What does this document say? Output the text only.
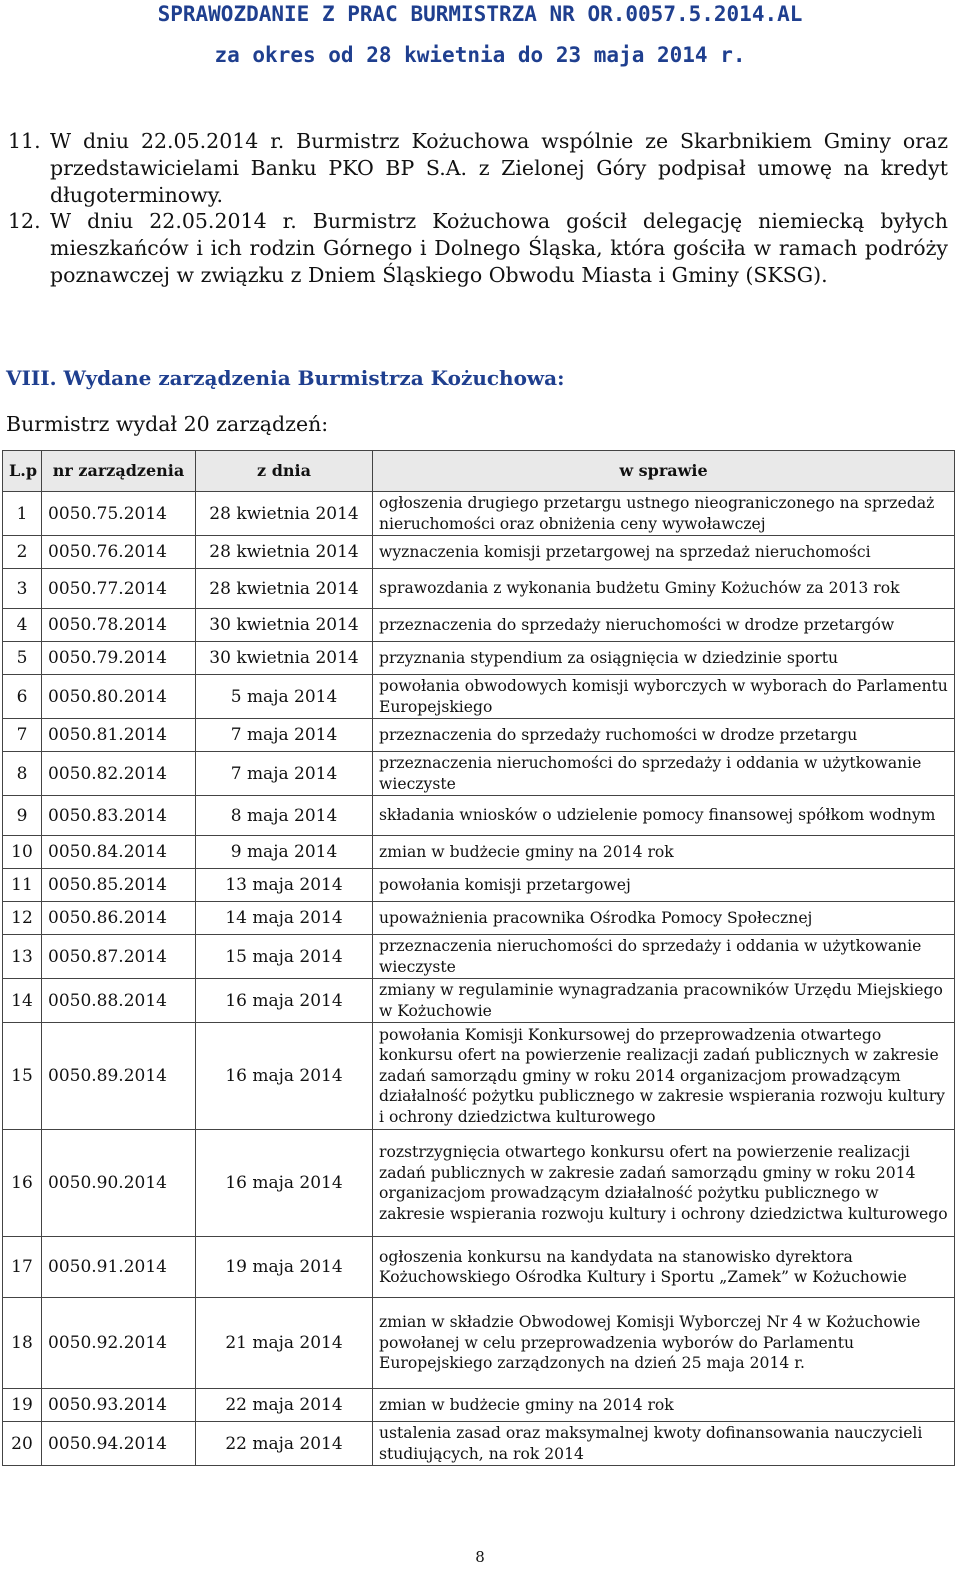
SPRAWOZDANIE Z PRAC BURMISTRZA NR OR.0057.5.2014.AL
za okres od 28 kwietnia do 23 maja 2014 r.
11. W dniu 22.05.2014 r. Burmistrz Kożuchowa wspólnie ze Skarbnikiem Gminy oraz przedstawicielami Banku PKO BP S.A. z Zielonej Góry podpisał umowę na kredyt długoterminowy.
12. W dniu 22.05.2014 r. Burmistrz Kożuchowa gościł delegację niemiecką byłych mieszkańców i ich rodzin Górnego i Dolnego Śląska, która gościła w ramach podróży poznawczej w związku z Dniem Śląskiego Obwodu Miasta i Gminy (SKSG).
VIII. Wydane zarządzenia Burmistrza Kożuchowa:
Burmistrz wydał 20 zarządzeń:
L.p	nr zarządzenia	z dnia	w sprawie
1	0050.75.2014	28 kwietnia 2014	ogłoszenia drugiego przetargu ustnego nieograniczonego na sprzedaż nieruchomości oraz obniżenia ceny wywoławczej
2	0050.76.2014	28 kwietnia 2014	wyznaczenia komisji przetargowej na sprzedaż nieruchomości
3	0050.77.2014	28 kwietnia 2014	sprawozdania z wykonania budżetu Gminy Kożuchów za 2013 rok
4	0050.78.2014	30 kwietnia 2014	przeznaczenia do sprzedaży nieruchomości w drodze przetargów
5	0050.79.2014	30 kwietnia 2014	przyznania stypendium za osiągnięcia w dziedzinie sportu
6	0050.80.2014	5 maja 2014	powołania obwodowych komisji wyborczych w wyborach do Parlamentu Europejskiego
7	0050.81.2014	7 maja 2014	przeznaczenia do sprzedaży ruchomości w drodze przetargu
8	0050.82.2014	7 maja 2014	przeznaczenia nieruchomości do sprzedaży i oddania w użytkowanie wieczyste
9	0050.83.2014	8 maja 2014	składania wniosków o udzielenie pomocy finansowej spółkom wodnym
10	0050.84.2014	9 maja 2014	zmian w budżecie gminy na 2014 rok
11	0050.85.2014	13 maja 2014	powołania komisji przetargowej
12	0050.86.2014	14 maja 2014	upoważnienia pracownika Ośrodka Pomocy Społecznej
13	0050.87.2014	15 maja 2014	przeznaczenia nieruchomości do sprzedaży i oddania w użytkowanie wieczyste
14	0050.88.2014	16 maja 2014	zmiany w regulaminie wynagradzania pracowników Urzędu Miejskiego w Kożuchowie
15	0050.89.2014	16 maja 2014	powołania Komisji Konkursowej do przeprowadzenia otwartego konkursu ofert na powierzenie realizacji zadań publicznych w zakresie zadań samorządu gminy w roku 2014 organizacjom prowadzącym działalność pożytku publicznego w zakresie wspierania rozwoju kultury i ochrony dziedzictwa kulturowego
16	0050.90.2014	16 maja 2014	rozstrzygnięcia otwartego konkursu ofert na powierzenie realizacji zadań publicznych w zakresie zadań samorządu gminy w roku 2014 organizacjom prowadzącym działalność pożytku publicznego w zakresie wspierania rozwoju kultury i ochrony dziedzictwa kulturowego
17	0050.91.2014	19 maja 2014	ogłoszenia konkursu na kandydata na stanowisko dyrektora Kożuchowskiego Ośrodka Kultury i Sportu „Zamek” w Kożuchowie
18	0050.92.2014	21 maja 2014	zmian w składzie Obwodowej Komisji Wyborczej Nr 4 w Kożuchowie powołanej w celu przeprowadzenia wyborów do Parlamentu Europejskiego zarządzonych na dzień 25 maja 2014 r.
19	0050.93.2014	22 maja 2014	zmian w budżecie gminy na 2014 rok
20	0050.94.2014	22 maja 2014	ustalenia zasad oraz maksymalnej kwoty dofinansowania nauczycieli studiujących, na rok 2014
8
